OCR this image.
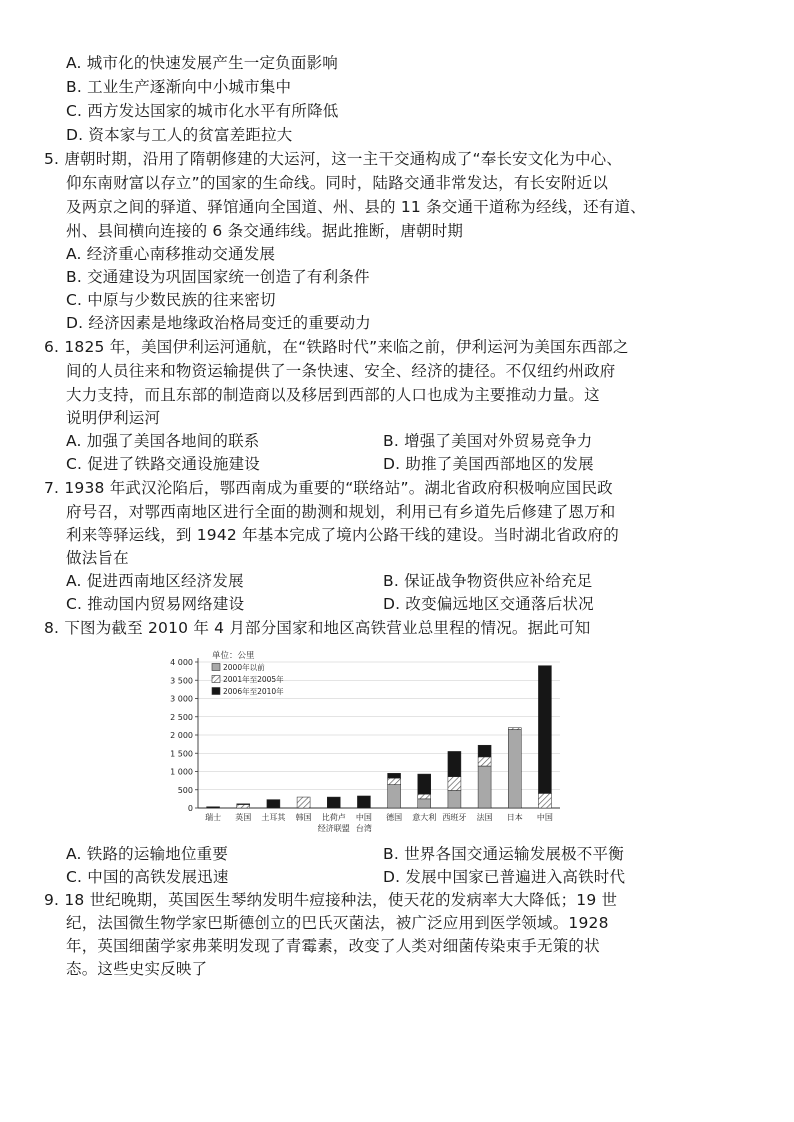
A. 城市化的快速发展产生一定负面影响
B. 工业生产逐渐向中小城市集中
C. 西方发达国家的城市化水平有所降低
D. 资本家与工人的贫富差距拉大
5. 唐朝时期，沿用了隋朝修建的大运河，这一主干交通构成了“奉长安文化为中心、
仰东南财富以存立”的国家的生命线。同时，陆路交通非常发达，有长安附近以
及两京之间的驿道、驿馆通向全国道、州、县的 11 条交通干道称为经线，还有道、
州、县间横向连接的 6 条交通纬线。据此推断，唐朝时期
A. 经济重心南移推动交通发展
B. 交通建设为巩固国家统一创造了有利条件
C. 中原与少数民族的往来密切
D. 经济因素是地缘政治格局变迁的重要动力
6. 1825 年，美国伊利运河通航，在“铁路时代”来临之前，伊利运河为美国东西部之
间的人员往来和物资运输提供了一条快速、安全、经济的捷径。不仅纽约州政府
大力支持，而且东部的制造商以及移居到西部的人口也成为主要推动力量。这
说明伊利运河
A. 加强了美国各地间的联系	B. 增强了美国对外贸易竞争力
C. 促进了铁路交通设施建设	D. 助推了美国西部地区的发展
7. 1938 年武汉沦陷后，鄂西南成为重要的“联络站”。湖北省政府积极响应国民政
府号召，对鄂西南地区进行全面的勘测和规划，利用已有乡道先后修建了恩万和
利来等驿运线，到 1942 年基本完成了境内公路干线的建设。当时湖北省政府的
做法旨在
A. 促进西南地区经济发展	B. 保证战争物资供应补给充足
C. 推动国内贸易网络建设	D. 改变偏远地区交通落后状况
8. 下图为截至 2010 年 4 月部分国家和地区高铁营业总里程的情况。据此可知
0
500
1 000
1 500
2 000
2 500
3 000
3 500
4 000
瑞士 英国 土耳其 韩国 比荷卢
经济联盟
中国
台湾
德国 意大利 西班牙 法国 日本 中国
单位：公里
2000年以前
2001年至2005年
2006年至2010年
A. 铁路的运输地位重要	B. 世界各国交通运输发展极不平衡
C. 中国的高铁发展迅速	D. 发展中国家已普遍进入高铁时代
9. 18 世纪晚期，英国医生琴纳发明牛痘接种法，使天花的发病率大大降低；19 世
纪，法国微生物学家巴斯德创立的巴氏灭菌法，被广泛应用到医学领域。1928
年，英国细菌学家弗莱明发现了青霉素，改变了人类对细菌传染束手无策的状
态。这些史实反映了
